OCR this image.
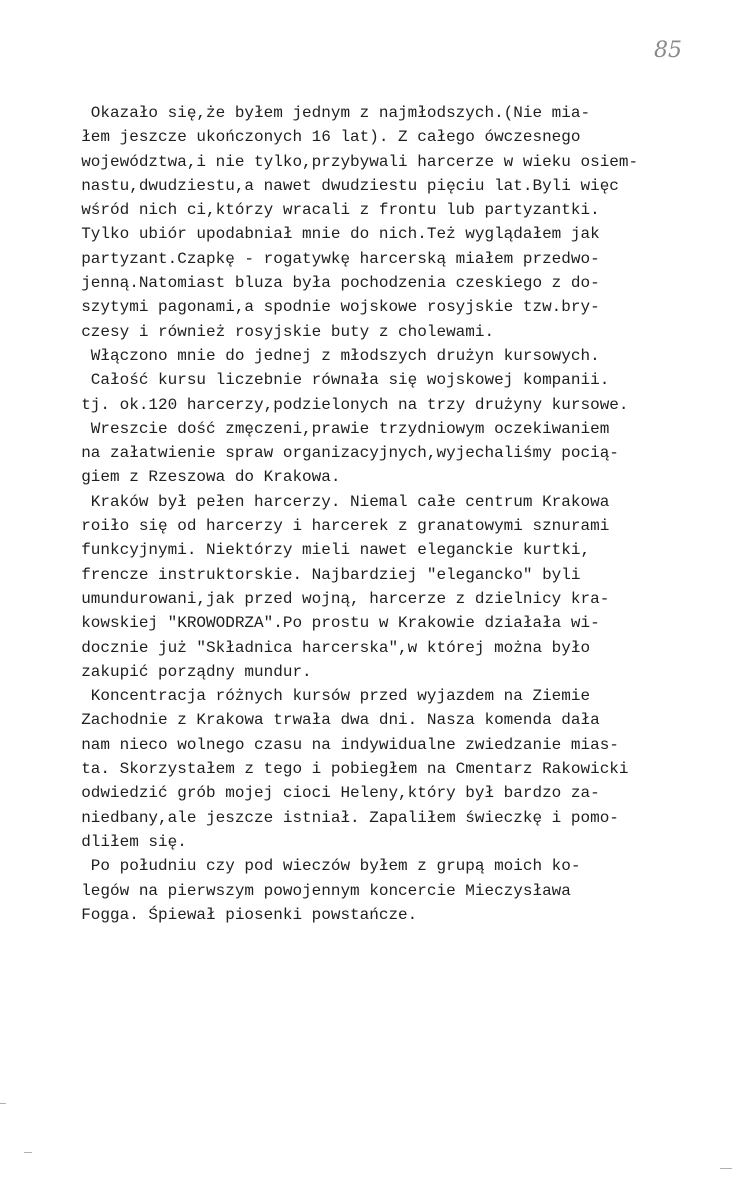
85
Okazało się,że byłem jednym z najmłodszych.(Nie mia-
łem jeszcze ukończonych 16 lat). Z całego ówczesnego
województwa,i nie tylko,przybywali harcerze w wieku osiem-
nastu,dwudziestu,a nawet dwudziestu pięciu lat.Byli więc
wśród nich ci,którzy wracali z frontu lub partyzantki.
Tylko ubiór upodabniał mnie do nich.Też wyglądałem jak
partyzant.Czapkę - rogatywkę harcerską miałem przedwo-
jenną.Natomiast bluza była pochodzenia czeskiego z do-
szytymi pagonami,a spodnie wojskowe rosyjskie tzw.bry-
czesy i również rosyjskie buty z cholewami.
Włączono mnie do jednej z młodszych drużyn kursowych.
Całość kursu liczebnie równała się wojskowej kompanii.
tj. ok.120 harcerzy,podzielonych na trzy drużyny kursowe.
Wreszcie dość zmęczeni,prawie trzydniowym oczekiwaniem
na załatwienie spraw organizacyjnych,wyjechaliśmy pocią-
giem z Rzeszowa do Krakowa.
Kraków był pełen harcerzy. Niemal całe centrum Krakowa
roiło się od harcerzy i harcerek z granatowymi sznurami
funkcyjnymi. Niektórzy mieli nawet eleganckie kurtki,
frencze instruktorskie. Najbardziej "elegancko" byli
umundurowani,jak przed wojną, harcerze z dzielnicy kra-
kowskiej "KROWODRZA".Po prostu w Krakowie działała wi-
docznie już "Składnica harcerska",w której można było
zakupić porządny mundur.
Koncentracja różnych kursów przed wyjazdem na Ziemie
Zachodnie z Krakowa trwała dwa dni. Nasza komenda dała
nam nieco wolnego czasu na indywidualne zwiedzanie mias-
ta. Skorzystałem z tego i pobiegłem na Cmentarz Rakowicki
odwiedzić grób mojej cioci Heleny,który był bardzo za-
niedbany,ale jeszcze istniał. Zapaliłem świeczkę i pomo-
dliłem się.
Po południu czy pod wieczów byłem z grupą moich ko-
legów na pierwszym powojennym koncercie Mieczysława
Fogga. Śpiewał piosenki powstańcze.
